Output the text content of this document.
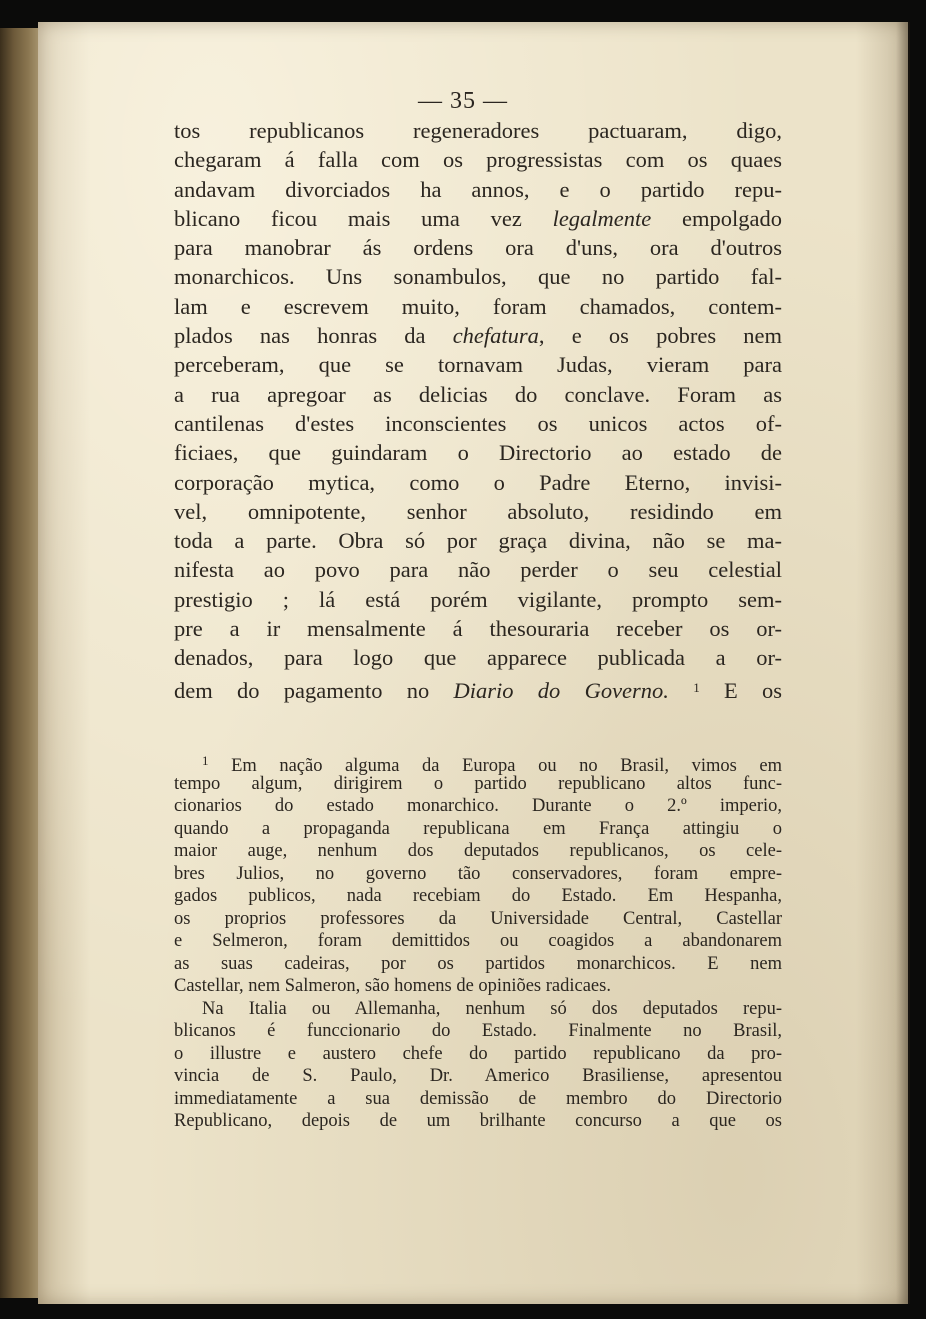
— 35 —
tos republicanos regeneradores pactuaram, digo,
chegaram á falla com os progressistas com os quaes
andavam divorciados ha annos, e o partido repu-
blicano ficou mais uma vez legalmente empolgado
para manobrar ás ordens ora d'uns, ora d'outros
monarchicos. Uns sonambulos, que no partido fal-
lam e escrevem muito, foram chamados, contem-
plados nas honras da chefatura, e os pobres nem
perceberam, que se tornavam Judas, vieram para
a rua apregoar as delicias do conclave. Foram as
cantilenas d'estes inconscientes os unicos actos of-
ficiaes, que guindaram o Directorio ao estado de
corporação mytica, como o Padre Eterno, invisi-
vel, omnipotente, senhor absoluto, residindo em
toda a parte. Obra só por graça divina, não se ma-
nifesta ao povo para não perder o seu celestial
prestigio ; lá está porém vigilante, prompto sem-
pre a ir mensalmente á thesouraria receber os or-
denados, para logo que apparece publicada a or-
dem do pagamento no Diario do Governo. $^1$ E os
$^1$ Em nação alguma da Europa ou no Brasil, vimos em
tempo algum, dirigirem o partido republicano altos func-
cionarios do estado monarchico. Durante o 2.º imperio,
quando a propaganda republicana em França attingiu o
maior auge, nenhum dos deputados republicanos, os cele-
bres Julios, no governo tão conservadores, foram empre-
gados publicos, nada recebiam do Estado. Em Hespanha,
os proprios professores da Universidade Central, Castellar
e Selmeron, foram demittidos ou coagidos a abandonarem
as suas cadeiras, por os partidos monarchicos. E nem
Castellar, nem Salmeron, são homens de opiniões radicaes.
Na Italia ou Allemanha, nenhum só dos deputados repu-
blicanos é funccionario do Estado. Finalmente no Brasil,
o illustre e austero chefe do partido republicano da pro-
vincia de S. Paulo, Dr. Americo Brasiliense, apresentou
immediatamente a sua demissão de membro do Directorio
Republicano, depois de um brilhante concurso a que os
